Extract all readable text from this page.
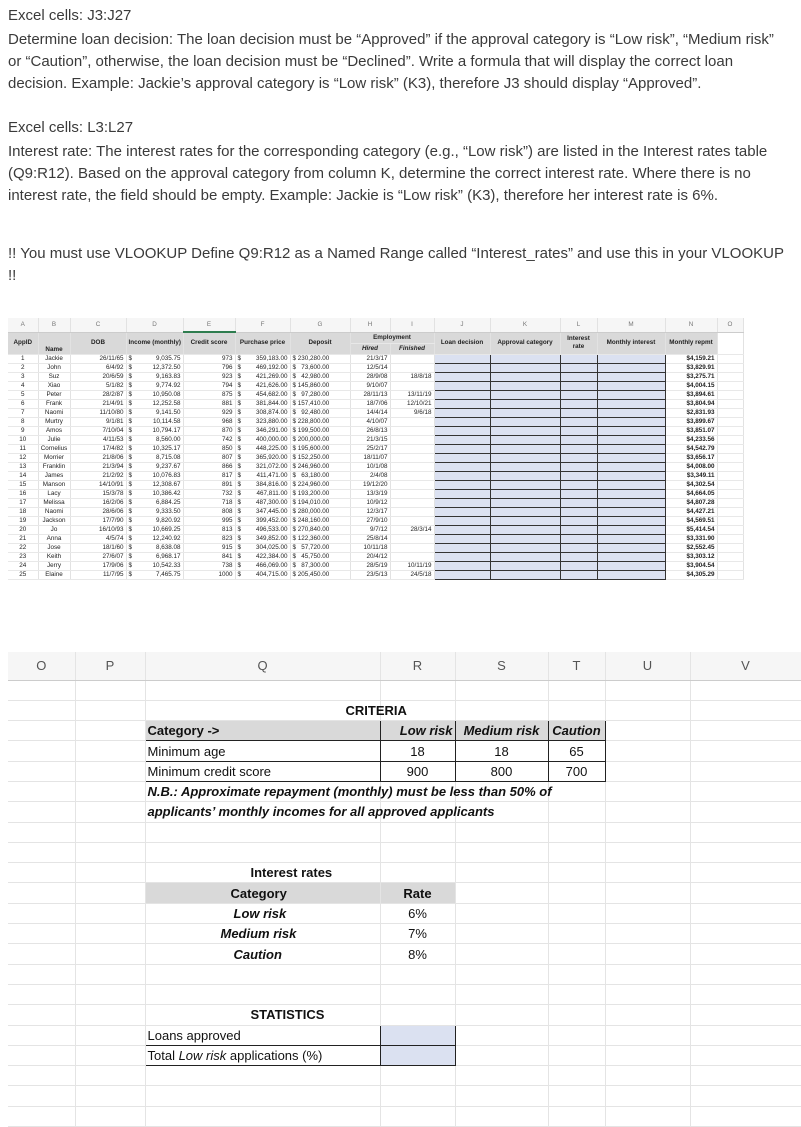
Excel cells: J3:J27

Determine loan decision: The loan decision must be “Approved” if the approval category is “Low risk”, “Medium risk” or “Caution”, otherwise, the loan decision must be “Declined”. Write a formula that will display the correct loan decision. Example: Jackie’s approval category is “Low risk” (K3), therefore J3 should display “Approved”.

Excel cells: L3:L27

Interest rate: The interest rates for the corresponding category (e.g., “Low risk”) are listed in the Interest rates table (Q9:R12). Based on the approval category from column K, determine the correct interest rate. Where there is no interest rate, the field should be empty. Example: Jackie is “Low risk” (K3), therefore her interest rate is 6%.

!! You must use VLOOKUP Define Q9:R12 as a Named Range called “Interest_rates” and use this in your VLOOKUP !!

A	B	C	D	E	F	G	H	I	J	K	L	M	N	O
AppID	Name	DOB	Income (monthly)	Credit score	Purchase price	Deposit	Employment		Loan decision	Approval category	Interest rate	Monthly interest	Monthly repmt	
							Hired	Finished						
1	Jackie	26/11/65	$ 9,035.75	973	$ 359,183.00	$ 230,280.00	21/3/17						$4,159.21	
2	John	6/4/92	$ 12,372.50	796	$ 469,192.00	$   73,600.00	12/5/14						$3,829.91	
3	Suz	20/6/59	$ 9,163.83	923	$ 421,269.00	$   42,980.00	28/9/08	18/8/18					$3,275.71	
4	Xiao	5/1/82	$ 9,774.92	794	$ 421,626.00	$ 145,860.00	9/10/07						$4,004.15	
5	Peter	28/2/87	$ 10,950.08	875	$ 454,682.00	$   97,280.00	28/11/13	13/11/19					$3,894.61	
6	Frank	21/4/91	$ 12,252.58	881	$ 381,844.00	$ 157,410.00	18/7/06	12/10/21					$3,804.94	
7	Naomi	11/10/80	$ 9,141.50	929	$ 308,874.00	$   92,480.00	14/4/14	9/6/18					$2,831.93	
8	Murtry	9/1/81	$ 10,114.58	968	$ 323,880.00	$ 228,800.00	4/10/07						$3,899.67	
9	Amos	7/10/04	$ 10,794.17	870	$ 346,291.00	$ 199,500.00	26/8/13						$3,851.07	
10	Julie	4/11/53	$ 8,560.00	742	$ 400,000.00	$ 200,000.00	21/3/15						$4,233.56	
11	Cornelius	17/4/82	$ 10,325.17	850	$ 448,225.00	$ 195,600.00	25/2/17						$4,542.79	
12	Morrier	21/8/06	$ 8,715.08	807	$ 365,920.00	$ 152,250.00	18/11/07						$3,656.17	
13	Franklin	21/3/94	$ 9,237.67	866	$ 321,072.00	$ 246,960.00	10/1/08						$4,008.00	
14	James	21/2/92	$ 10,076.83	817	$ 411,471.00	$   63,180.00	2/4/08						$3,349.11	
15	Manson	14/10/91	$ 12,308.67	891	$ 384,816.00	$ 224,960.00	19/12/20						$4,302.54	
16	Lacy	15/3/78	$ 10,386.42	732	$ 467,811.00	$ 193,200.00	13/3/19						$4,664.05	
17	Melissa	16/2/06	$ 6,884.25	718	$ 487,300.00	$ 194,010.00	10/9/12						$4,807.28	
18	Naomi	28/6/06	$ 9,333.50	808	$ 347,445.00	$ 280,000.00	12/3/17						$4,427.21	
19	Jackson	17/7/90	$ 9,820.92	995	$ 399,452.00	$ 248,160.00	27/9/10						$4,569.51	
20	Jo	16/10/93	$ 10,669.25	813	$ 496,533.00	$ 270,840.00	9/7/12	28/3/14					$5,414.54	
21	Anna	4/5/74	$ 12,240.92	823	$ 349,852.00	$ 122,360.00	25/8/14						$3,331.90	
22	Jose	18/1/60	$ 8,638.08	915	$ 304,025.00	$   57,720.00	10/11/18						$2,552.45	
23	Keith	27/6/07	$ 6,968.17	841	$ 422,384.00	$   45,750.00	20/4/12						$3,303.12	
24	Jerry	17/9/06	$ 10,542.33	738	$ 466,069.00	$   87,300.00	28/5/19	10/11/19					$3,904.54	
25	Elaine	11/7/95	$ 7,465.75	1000	$ 404,715.00	$ 205,450.00	23/5/13	24/5/18					$4,305.29	
O	P	Q	R	S	T	U	V

			CRITERIA				
		Category ->	Low risk	Medium risk	Caution		
		Minimum age	18	18	65		
		Minimum credit score	900	800	700		
		N.B.: Approximate repayment (monthly) must be less than 50% of					
		applicants’ monthly incomes for all approved applicants					

		Interest rates					
		Category	Rate				
		Low risk	6%				
		Medium risk	7%				
		Caution	8%				

		STATISTICS					
		Loans approved					
		Total Low risk applications (%)					
